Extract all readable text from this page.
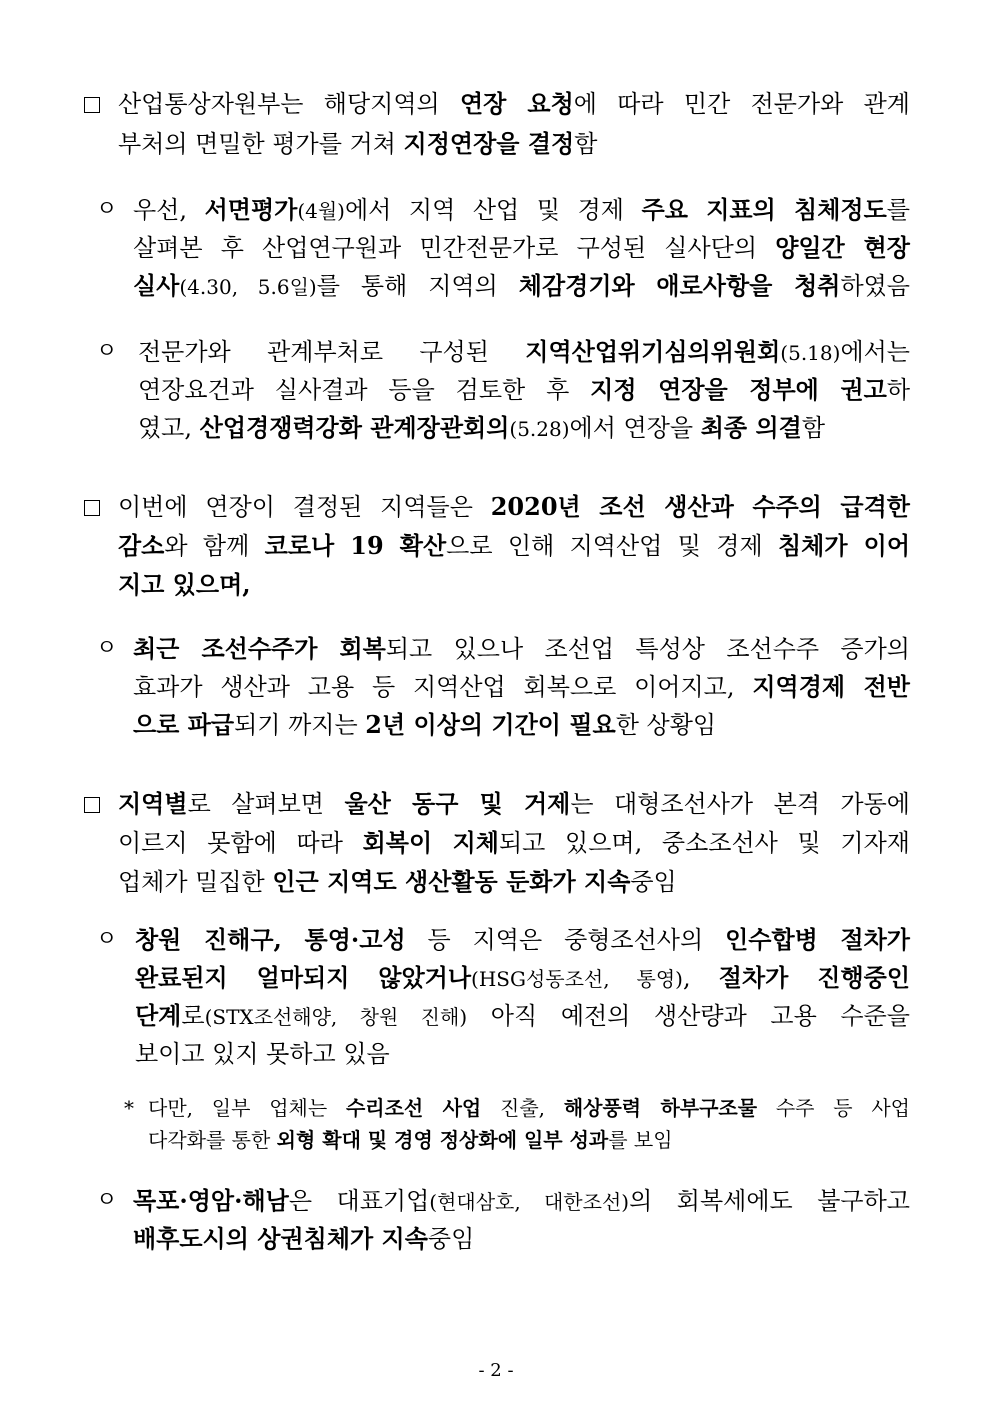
산업통상자원부는 해당지역의 연장 요청에 따라 민간 전문가와 관계
부처의 면밀한 평가를 거쳐 지정연장을 결정함
ㅇ 우선, 서면평가(4월)에서 지역 산업 및 경제 주요 지표의 침체정도를
살펴본 후 산업연구원과 민간전문가로 구성된 실사단의 양일간 현장
실사(4.30, 5.6일)를 통해 지역의 체감경기와 애로사항을 청취하였음
ㅇ 전문가와 관계부처로 구성된 지역산업위기심의위원회(5.18)에서는
연장요건과 실사결과 등을 검토한 후 지정 연장을 정부에 권고하
였고, 산업경쟁력강화 관계장관회의(5.28)에서 연장을 최종 의결함
이번에 연장이 결정된 지역들은 2020년 조선 생산과 수주의 급격한
감소와 함께 코로나 19 확산으로 인해 지역산업 및 경제 침체가 이어
지고 있으며,
ㅇ 최근 조선수주가 회복되고 있으나 조선업 특성상 조선수주 증가의
효과가 생산과 고용 등 지역산업 회복으로 이어지고, 지역경제 전반
으로 파급되기 까지는 2년 이상의 기간이 필요한 상황임
지역별로 살펴보면 울산 동구 및 거제는 대형조선사가 본격 가동에
이르지 못함에 따라 회복이 지체되고 있으며, 중소조선사 및 기자재
업체가 밀집한 인근 지역도 생산활동 둔화가 지속중임
ㅇ 창원 진해구, 통영·고성 등 지역은 중형조선사의 인수합병 절차가
완료된지 얼마되지 않았거나(HSG성동조선, 통영), 절차가 진행중인
단계로(STX조선해양, 창원 진해) 아직 예전의 생산량과 고용 수준을
보이고 있지 못하고 있음
* 다만, 일부 업체는 수리조선 사업 진출, 해상풍력 하부구조물 수주 등 사업
다각화를 통한 외형 확대 및 경영 정상화에 일부 성과를 보임
ㅇ 목포·영암·해남은 대표기업(현대삼호, 대한조선)의 회복세에도 불구하고
배후도시의 상권침체가 지속중임
- 2 -
